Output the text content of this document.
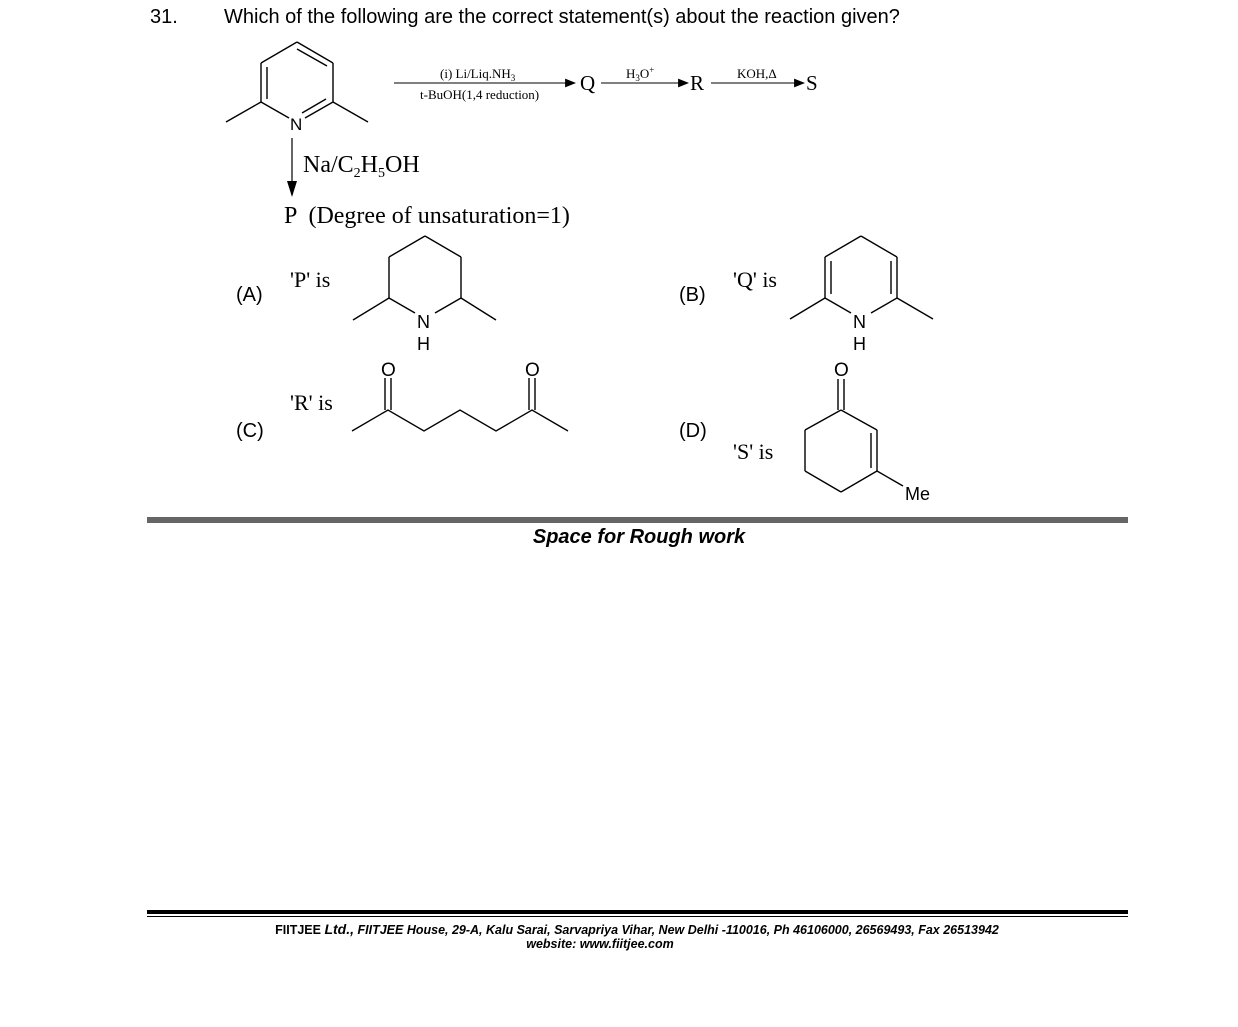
31. Which of the following are the correct statement(s) about the reaction given?
N
(i) $Li/Liq.NH_3$
t-BuOH(1,4 reduction) Q $H_3O^+$
R	KOH,Δ S
$Na/C_2H_5OH$
P  (Degree of unsaturation=1)
N
H
N
H
O	O	O
Me
(A)
'P' is
(B)
'Q' is
(C)
'R' is
(D)
'S' is
Space for Rough work
FIITJEE Ltd., FIITJEE House, 29-A, Kalu Sarai, Sarvapriya Vihar, New Delhi -110016, Ph 46106000, 26569493, Fax 26513942
website: www.fiitjee.com
